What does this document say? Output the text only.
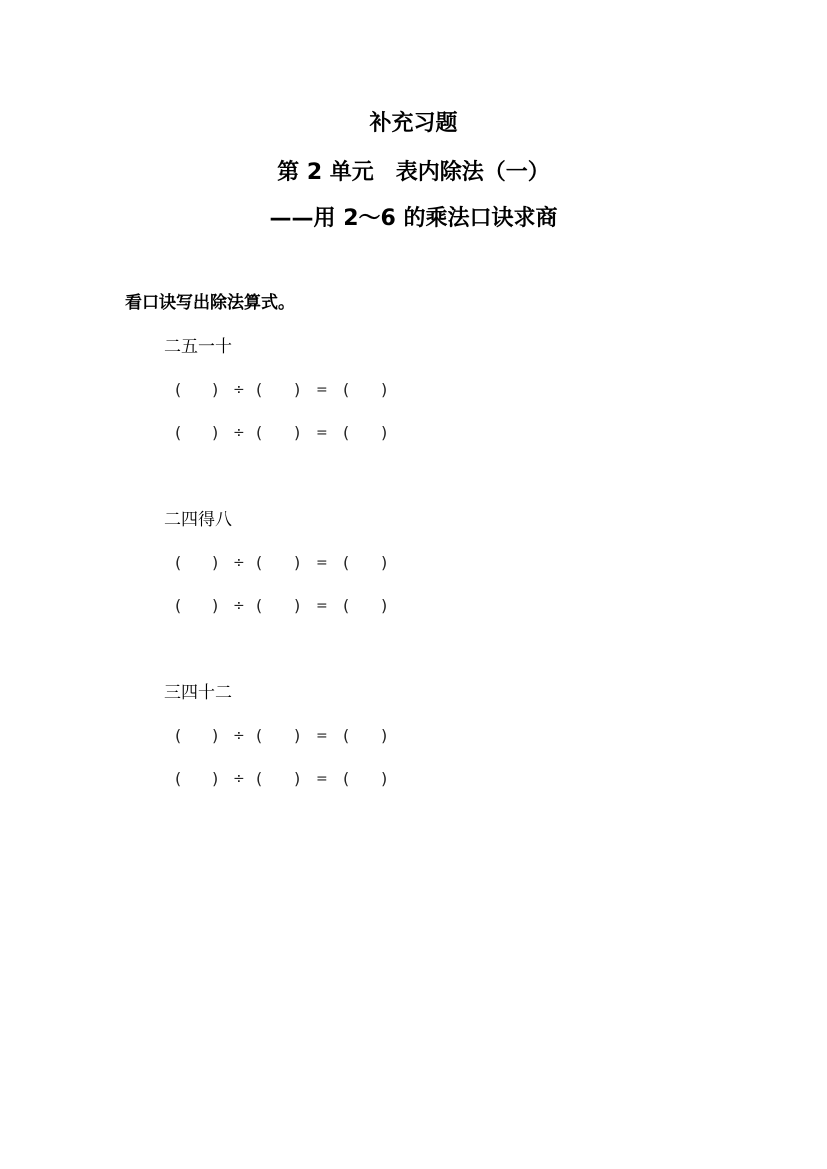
补充习题
第 2 单元　表内除法（一）
——用 2～6 的乘法口诀求商
看口诀写出除法算式。
二五一十
( ) ÷ ( ) = ( )
( ) ÷ ( ) = ( )
二四得八
( ) ÷ ( ) = ( )
( ) ÷ ( ) = ( )
三四十二
( ) ÷ ( ) = ( )
( ) ÷ ( ) = ( )
